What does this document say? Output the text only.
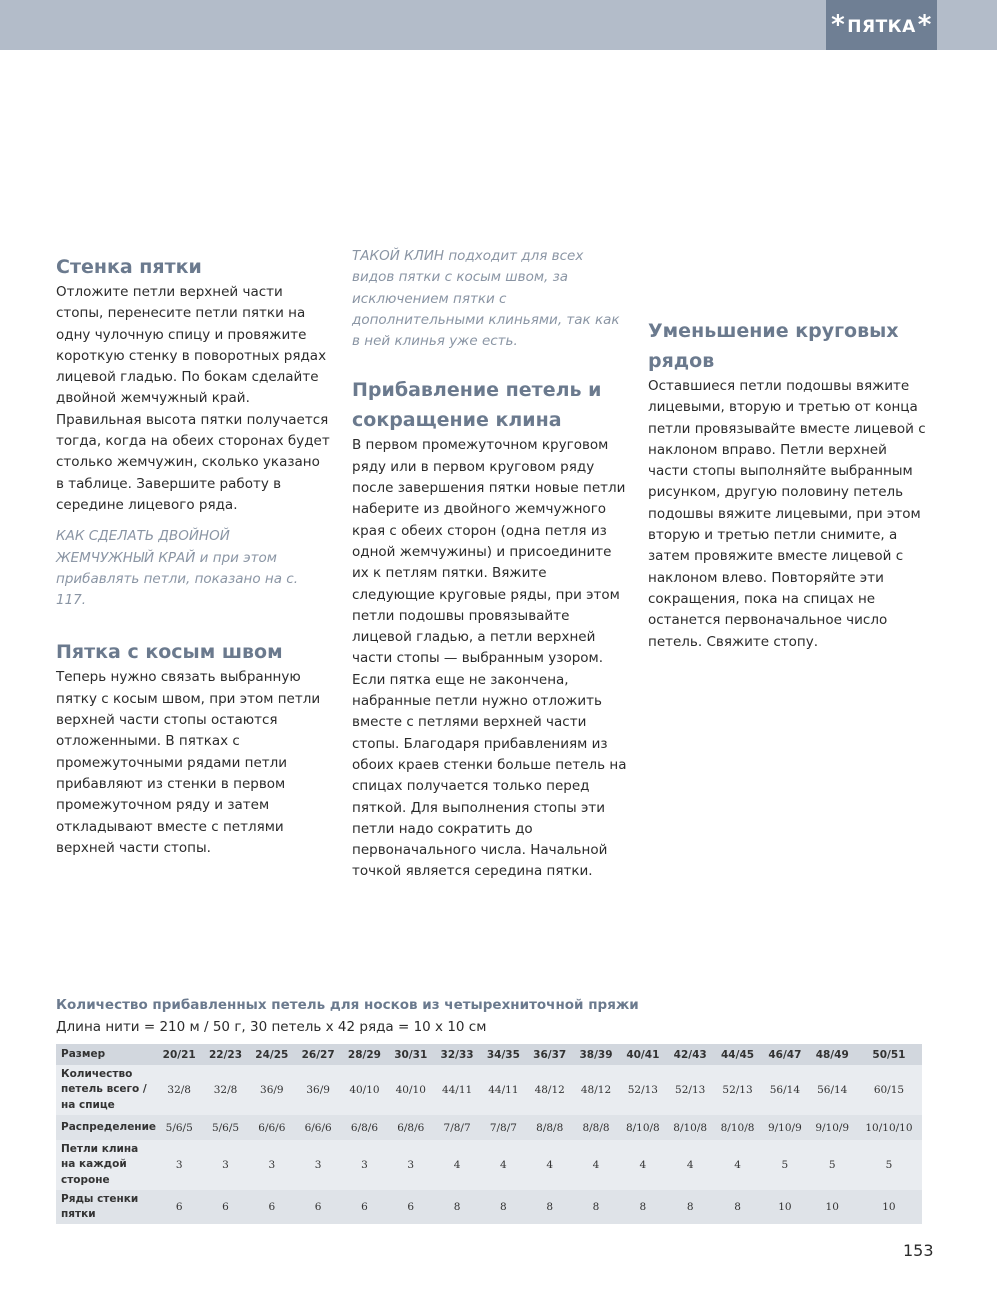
* ПЯТКА *
Стенка пятки

Отложите петли верхней части стопы, перенесите петли пятки на одну чулочную спицу и провяжите короткую стенку в поворотных рядах лицевой гладью. По бокам сделайте двойной жемчужный край.

Правильная высота пятки получается тогда, когда на обеих сторонах будет столько жемчужин, сколько указано в таблице. Завершите работу в середине лицевого ряда.

КАК СДЕЛАТЬ ДВОЙНОЙ ЖЕМЧУЖНЫЙ КРАЙ и при этом прибавлять петли, показано на с. 117.

Пятка с косым швом

Теперь нужно связать выбранную пятку с косым швом, при этом петли верхней части стопы остаются отложенными. В пятках с промежуточными рядами петли прибавляют из стенки в первом промежуточном ряду и затем откладывают вместе с петлями верхней части стопы.

ТАКОЙ КЛИН подходит для всех видов пятки с косым швом, за исключением пятки с дополнительными клиньями, так как в ней клинья уже есть.

Прибавление петель и сокращение клина

В первом промежуточном круговом ряду или в первом круговом ряду после завершения пятки новые петли наберите из двойного жемчужного края с обеих сторон (одна петля из одной жемчужины) и присоедините их к петлям пятки. Вяжите следующие круговые ряды, при этом петли подошвы провязывайте лицевой гладью, а петли верхней части стопы — выбранным узором.

Если пятка еще не закончена, набранные петли нужно отложить вместе с петлями верхней части стопы. Благодаря прибавлениям из обоих краев стенки больше петель на спицах получается только перед пяткой. Для выполнения стопы эти петли надо сократить до первоначального числа. Начальной точкой является середина пятки.

Уменьшение круговых рядов

Оставшиеся петли подошвы вяжите лицевыми, вторую и третью от конца петли провязывайте вместе лицевой с наклоном вправо. Петли верхней части стопы выполняйте выбранным рисунком, другую половину петель подошвы вяжите лицевыми, при этом вторую и третью петли снимите, а затем провяжите вместе лицевой с наклоном влево. Повторяйте эти сокращения, пока на спицах не останется первоначальное число петель. Свяжите стопу.

Количество прибавленных петель для носков из четырехниточной пряжи
Длина нити = 210 м / 50 г, 30 петель х 42 ряда = 10 х 10 см
Размер	20/21	22/23	24/25	26/27	28/29	30/31	32/33	34/35	36/37	38/39	40/41	42/43	44/45	46/47	48/49	50/51
Количество петель всего / на спице	32/8	32/8	36/9	36/9	40/10	40/10	44/11	44/11	48/12	48/12	52/13	52/13	52/13	56/14	56/14	60/15
Распределение	5/6/5	5/6/5	6/6/6	6/6/6	6/8/6	6/8/6	7/8/7	7/8/7	8/8/8	8/8/8	8/10/8	8/10/8	8/10/8	9/10/9	9/10/9	10/10/10
Петли клина на каждой стороне	3	3	3	3	3	3	4	4	4	4	4	4	4	5	5	5
Ряды стенки пятки	6	6	6	6	6	6	8	8	8	8	8	8	8	10	10	10
153
